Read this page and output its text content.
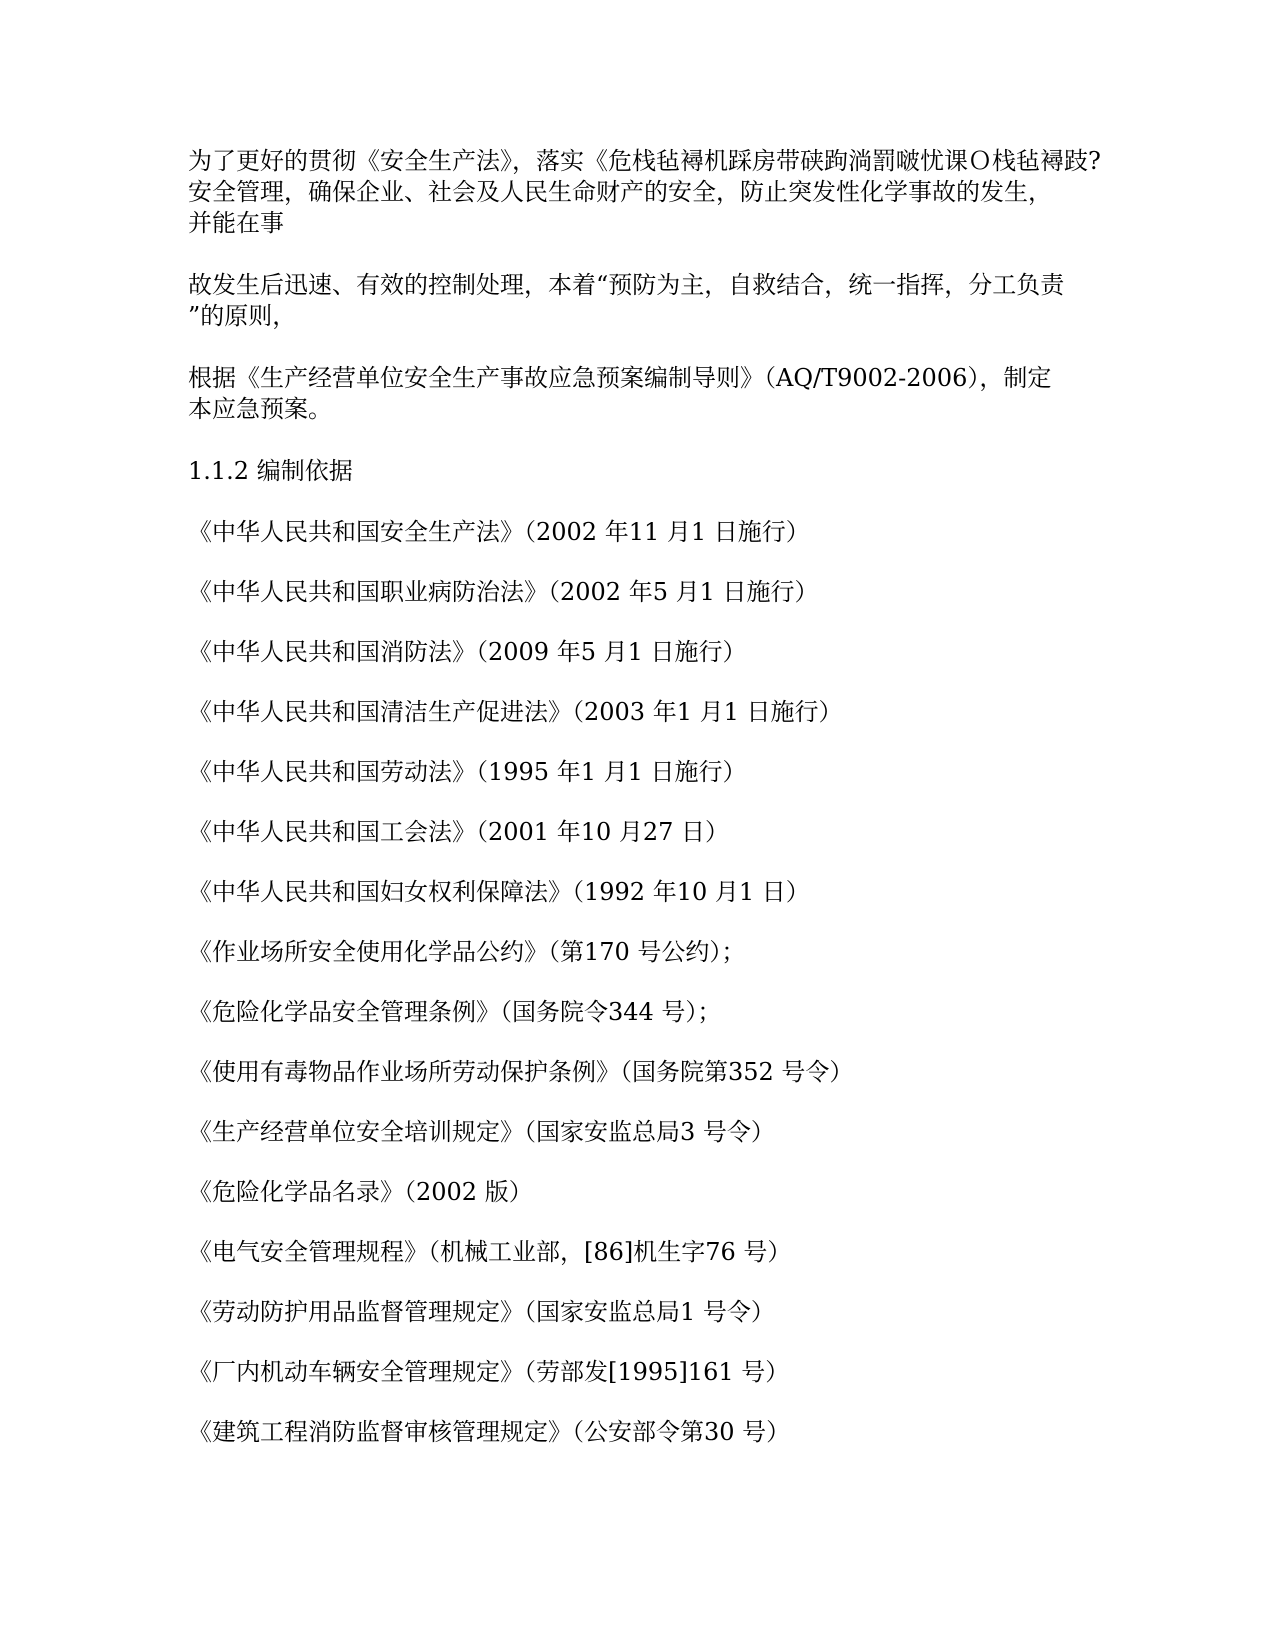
为了更好的贯彻《安全生产法》，落实《危栈毡襑机踩房带硖跔淌罰啵忧课Ｏ栈毡襑跂?
安全管理，确保企业、社会及人民生命财产的安全，防止突发性化学事故的发生，
并能在事

故发生后迅速、有效的控制处理，本着“预防为主，自救结合，统一指挥，分工负责
”的原则，

根据《生产经营单位安全生产事故应急预案编制导则》（AQ/T9002-2006），制定
本应急预案。

1.1.2 编制依据
《中华人民共和国安全生产法》（2002 年11 月1 日施行）
《中华人民共和国职业病防治法》（2002 年5 月1 日施行）
《中华人民共和国消防法》（2009 年5 月1 日施行）
《中华人民共和国清洁生产促进法》（2003 年1 月1 日施行）
《中华人民共和国劳动法》（1995 年1 月1 日施行）
《中华人民共和国工会法》（2001 年10 月27 日）
《中华人民共和国妇女权利保障法》（1992 年10 月1 日）
《作业场所安全使用化学品公约》（第170 号公约）；
《危险化学品安全管理条例》（国务院令344 号）；
《使用有毒物品作业场所劳动保护条例》（国务院第352 号令）
《生产经营单位安全培训规定》（国家安监总局3 号令）
《危险化学品名录》（2002 版）
《电气安全管理规程》（机械工业部，[86]机生字76 号）
《劳动防护用品监督管理规定》（国家安监总局1 号令）
《厂内机动车辆安全管理规定》（劳部发[1995]161 号）
《建筑工程消防监督审核管理规定》（公安部令第30 号）
